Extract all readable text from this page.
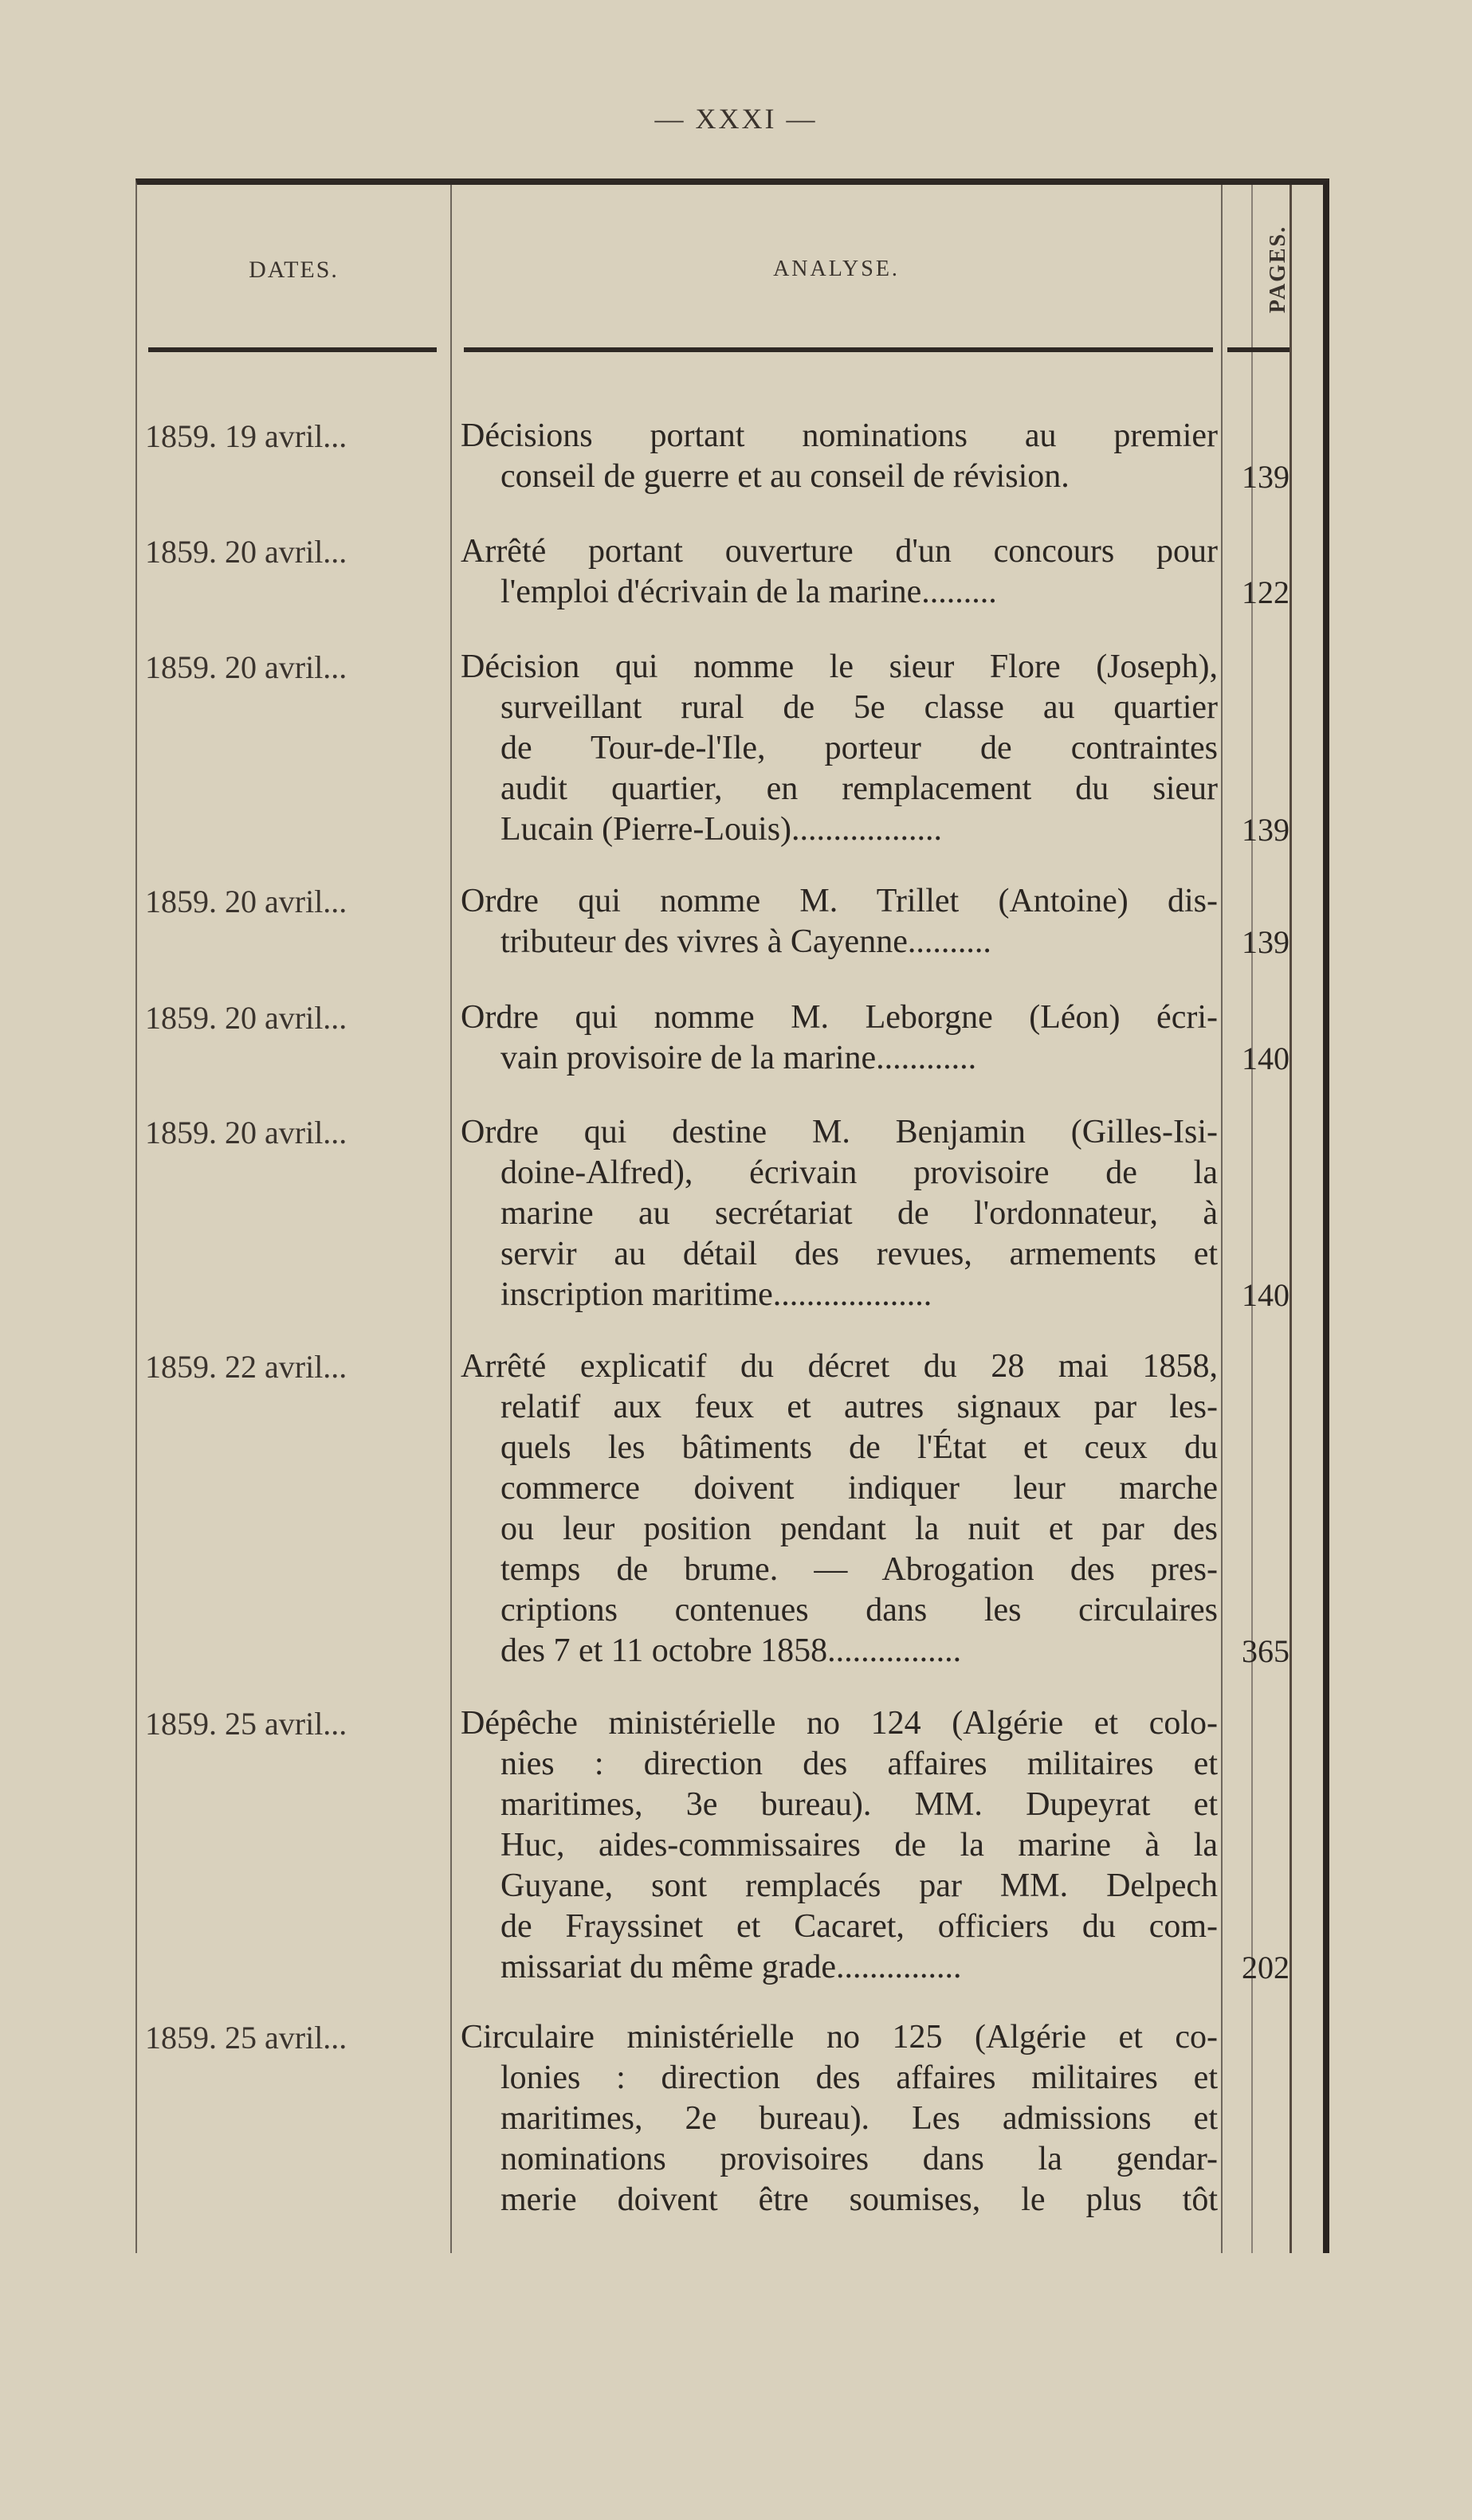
— XXXI —
DATES.	ANALYSE.	PAGES.
1859. 19 avril...	Décisions portant nominations au premier
conseil de guerre et au conseil de révision.	139
1859. 20 avril...	Arrêté portant ouverture d'un concours pour
l'emploi d'écrivain de la marine.........	122
1859. 20 avril...	Décision qui nomme le sieur Flore (Joseph),
surveillant rural de 5e classe au quartier
de Tour-de-l'Ile, porteur de contraintes
audit quartier, en remplacement du sieur
Lucain (Pierre-Louis)..................	139
1859. 20 avril...	Ordre qui nomme M. Trillet (Antoine) dis-
tributeur des vivres à Cayenne..........	139
1859. 20 avril...	Ordre qui nomme M. Leborgne (Léon) écri-
vain provisoire de la marine............	140
1859. 20 avril...	Ordre qui destine M. Benjamin (Gilles-Isi-
doine-Alfred), écrivain provisoire de la
marine au secrétariat de l'ordonnateur, à
servir au détail des revues, armements et
inscription maritime...................	140
1859. 22 avril...	Arrêté explicatif du décret du 28 mai 1858,
relatif aux feux et autres signaux par les-
quels les bâtiments de l'État et ceux du
commerce doivent indiquer leur marche
ou leur position pendant la nuit et par des
temps de brume. — Abrogation des pres-
criptions contenues dans les circulaires
des 7 et 11 octobre 1858................	365
1859. 25 avril...	Dépêche ministérielle no 124 (Algérie et colo-
nies : direction des affaires militaires et
maritimes, 3e bureau). MM. Dupeyrat et
Huc, aides-commissaires de la marine à la
Guyane, sont remplacés par MM. Delpech
de Frayssinet et Cacaret, officiers du com-
missariat du même grade...............	202
1859. 25 avril...	Circulaire ministérielle no 125 (Algérie et co-
lonies : direction des affaires militaires et
maritimes, 2e bureau). Les admissions et
nominations provisoires dans la gendar-
merie doivent être soumises, le plus tôt
